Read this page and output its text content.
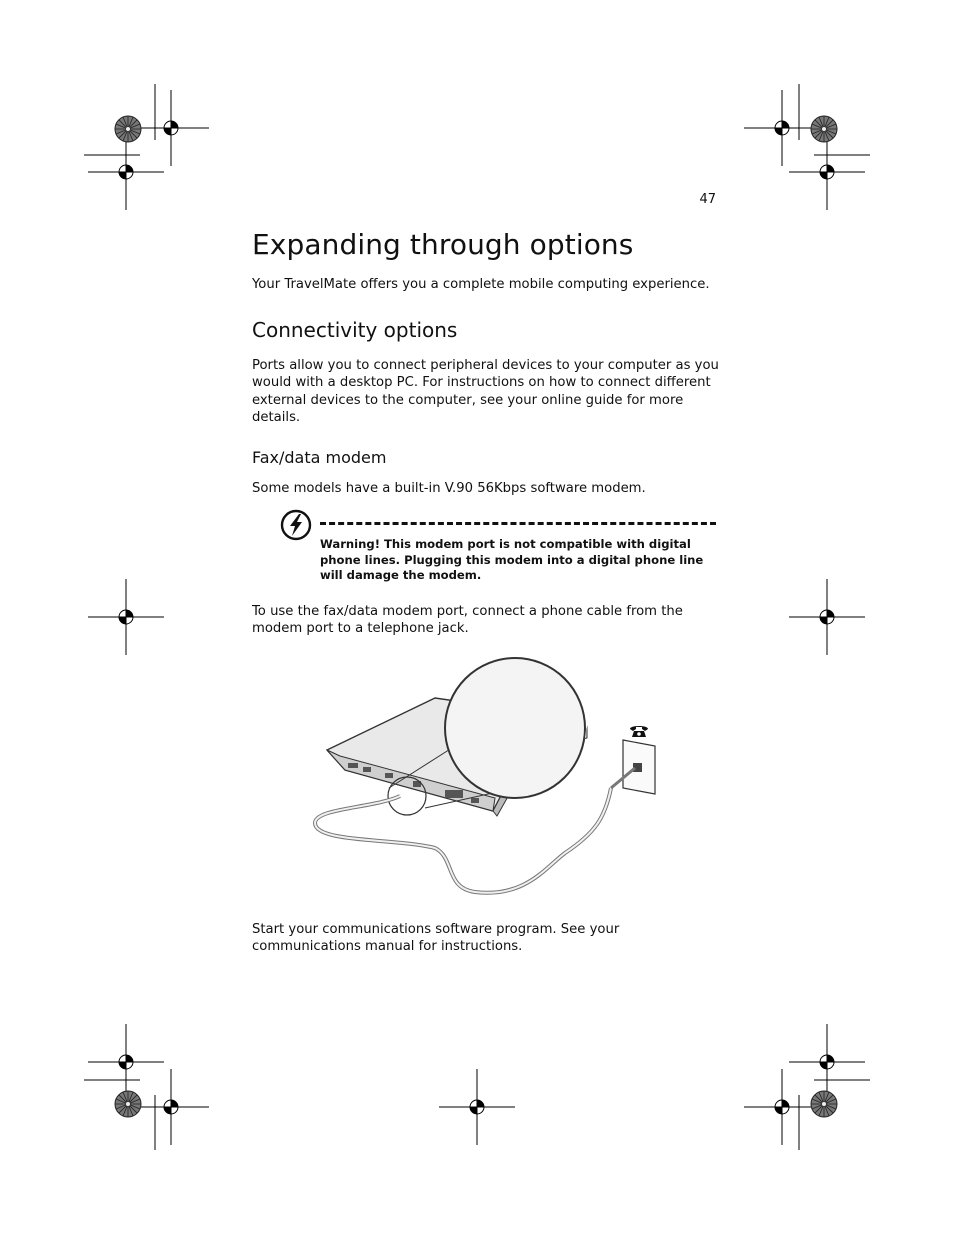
47
Expanding through options

Your TravelMate offers you a complete mobile computing experience.

Connectivity options

Ports allow you to connect peripheral devices to your computer as you would with a desktop PC. For instructions on how to connect different external devices to the computer, see your online guide for more details.

Fax/data modem

Some models have a built-in V.90 56Kbps software modem.

Warning! This modem port is not compatible with digital phone lines. Plugging this modem into a digital phone line will damage the modem.

To use the fax/data modem port, connect a phone cable from the modem port to a telephone jack.

Start your communications software program. See your communications manual for instructions.
